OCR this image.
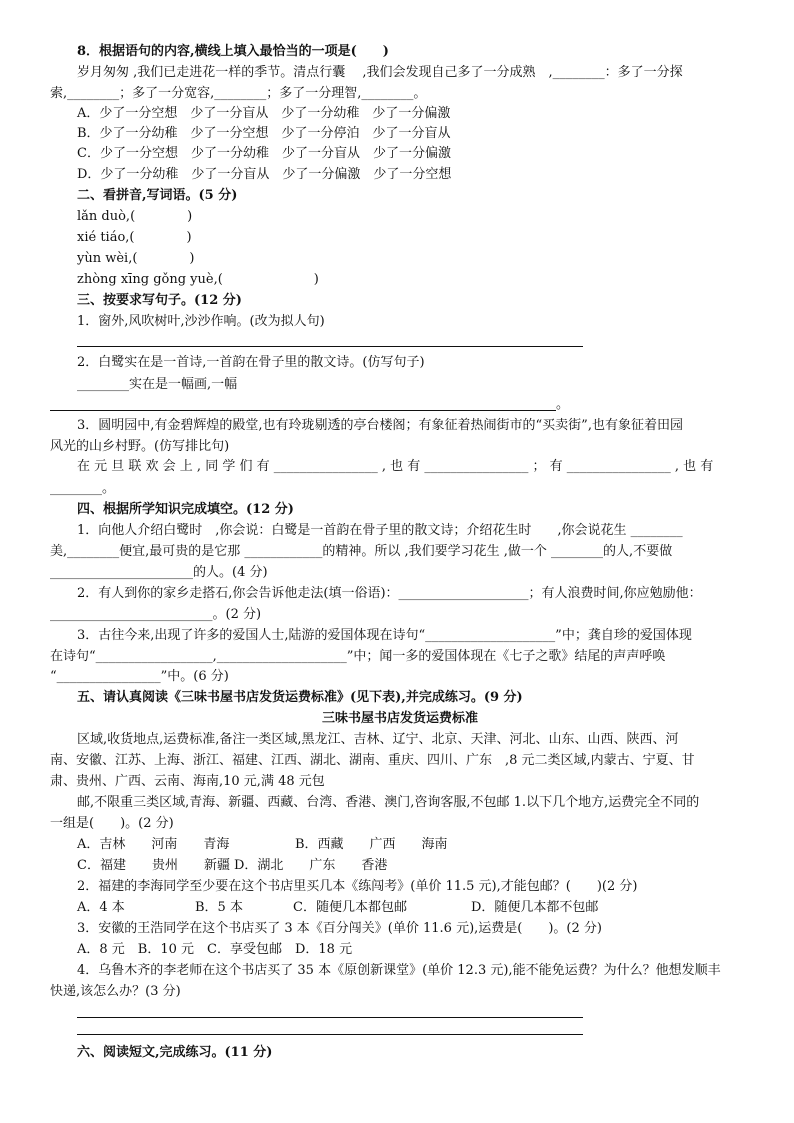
8．根据语句的内容,横线上填入最恰当的一项是(　　)
岁月匆匆 ,我们已走进花一样的季节。清点行囊　 ,我们会发现自己多了一分成熟　,________：多了一分探
索,________；多了一分宽容,________；多了一分理智,________。
A．少了一分空想　少了一分盲从　少了一分幼稚　少了一分偏激
B．少了一分幼稚　少了一分空想　少了一分停泊　少了一分盲从
C．少了一分空想　少了一分幼稚　少了一分盲从　少了一分偏激
D．少了一分幼稚　少了一分盲从　少了一分偏激　少了一分空想
二、看拼音,写词语。(5 分)
lǎn duò,(　　　　)
xié tiáo,(　　　　)
yùn wèi,(　　　　)
zhòng xīng gǒng yuè,(　　　　　　　)
三、按要求写句子。(12 分)
1．窗外,风吹树叶,沙沙作响。(改为拟人句)
2．白鹭实在是一首诗,一首韵在骨子里的散文诗。(仿写句子)
________实在是一幅画,一幅
。
3．圆明园中,有金碧辉煌的殿堂,也有玲珑剔透的亭台楼阁；有象征着热闹街市的“买卖街”,也有象征着田园
风光的山乡村野。(仿写排比句)
在 元 旦 联 欢 会 上 , 同 学 们 有 ________________ , 也 有 ________________ ； 有 ________________ , 也 有
________。
四、根据所学知识完成填空。(12 分)
1．向他人介绍白鹭时　,你会说：白鹭是一首韵在骨子里的散文诗；介绍花生时　　,你会说花生 ________
美,________便宜,最可贵的是它那 ____________的精神。所以 ,我们要学习花生 ,做一个 ________的人,不要做
______________________的人。(4 分)
2．有人到你的家乡走搭石,你会告诉他走法(填一俗语)：____________________；有人浪费时间,你应勉励他：
_________________________。(2 分)
3．古往今来,出现了许多的爱国人士,陆游的爱国体现在诗句“____________________”中；龚自珍的爱国体现
在诗句“__________________,____________________”中；闻一多的爱国体现在《七子之歌》结尾的声声呼唤
“________________”中。(6 分)
五、请认真阅读《三味书屋书店发货运费标准》(见下表),并完成练习。(9 分)
三味书屋书店发货运费标准
区域,收货地点,运费标准,备注一类区域,黑龙江、吉林、辽宁、北京、天津、河北、山东、山西、陕西、河
南、安徽、江苏、上海、浙江、福建、江西、湖北、湖南、重庆、四川、广东　,8 元二类区域,内蒙古、宁夏、甘
肃、贵州、广西、云南、海南,10 元,满 48 元包
邮,不限重三类区域,青海、新疆、西藏、台湾、香港、澳门,咨询客服,不包邮 1.以下几个地方,运费完全不同的
一组是(　　)。(2 分)
A．吉林　　河南　　青海	B．西藏　　广西　　海南
C．福建　　贵州　　新疆 D．湖北　　广东　　香港
2．福建的李海同学至少要在这个书店里买几本《练闯考》(单价 11.5 元),才能包邮？(　　)(2 分)
A．4 本	B．5 本	C．随便几本都包邮	D．随便几本都不包邮
3．安徽的王浩同学在这个书店买了 3 本《百分闯关》(单价 11.6 元),运费是(　　)。(2 分)
A．8 元　B．10 元　C．享受包邮　D．18 元
4．乌鲁木齐的李老师在这个书店买了 35 本《原创新课堂》(单价 12.3 元),能不能免运费？为什么？他想发顺丰
快递,该怎么办？(3 分)
六、阅读短文,完成练习。(11 分)
